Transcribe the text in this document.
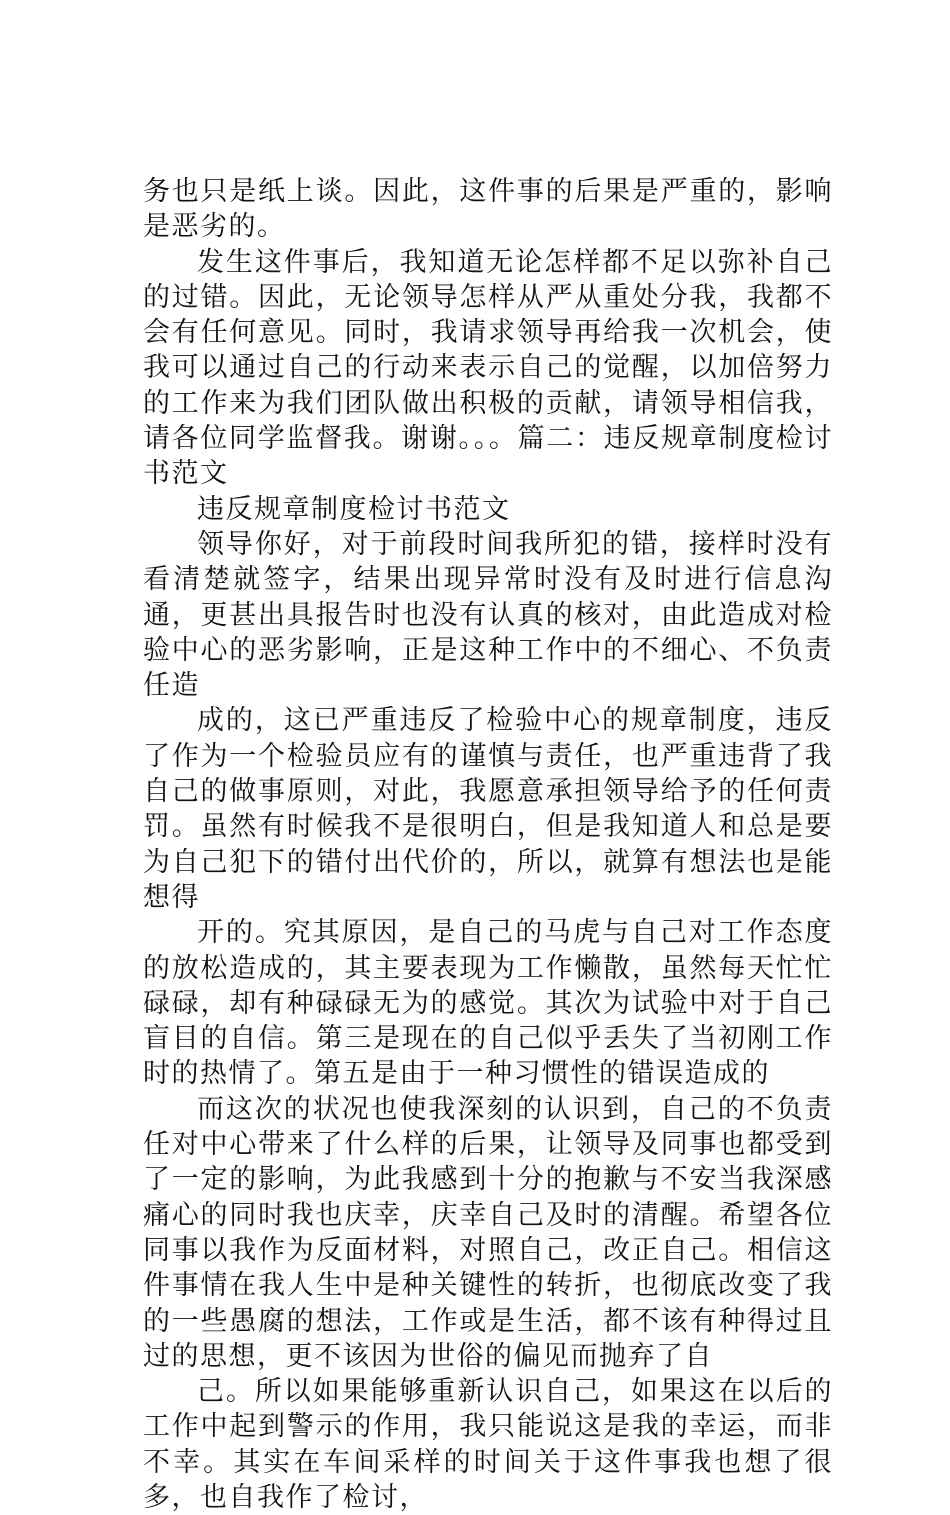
务也只是纸上谈。因此，这件事的后果是严重的，影响是恶劣的。

发生这件事后，我知道无论怎样都不足以弥补自己的过错。因此，无论领导怎样从严从重处分我，我都不会有任何意见。同时，我请求领导再给我一次机会，使我可以通过自己的行动来表示自己的觉醒，以加倍努力的工作来为我们团队做出积极的贡献，请领导相信我，请各位同学监督我。谢谢。。。篇二：违反规章制度检讨书范文

违反规章制度检讨书范文

领导你好，对于前段时间我所犯的错，接样时没有看清楚就签字，结果出现异常时没有及时进行信息沟通，更甚出具报告时也没有认真的核对，由此造成对检验中心的恶劣影响，正是这种工作中的不细心、不负责任造

成的，这已严重违反了检验中心的规章制度，违反了作为一个检验员应有的谨慎与责任，也严重违背了我自己的做事原则，对此，我愿意承担领导给予的任何责罚。虽然有时候我不是很明白，但是我知道人和总是要为自己犯下的错付出代价的，所以，就算有想法也是能想得

开的。究其原因，是自己的马虎与自己对工作态度的放松造成的，其主要表现为工作懒散，虽然每天忙忙碌碌，却有种碌碌无为的感觉。其次为试验中对于自己盲目的自信。第三是现在的自己似乎丢失了当初刚工作时的热情了。第五是由于一种习惯性的错误造成的

而这次的状况也使我深刻的认识到，自己的不负责任对中心带来了什么样的后果，让领导及同事也都受到了一定的影响，为此我感到十分的抱歉与不安当我深感痛心的同时我也庆幸，庆幸自己及时的清醒。希望各位同事以我作为反面材料，对照自己，改正自己。相信这件事情在我人生中是种关键性的转折，也彻底改变了我的一些愚腐的想法，工作或是生活，都不该有种得过且过的思想，更不该因为世俗的偏见而抛弃了自

己。所以如果能够重新认识自己，如果这在以后的工作中起到警示的作用，我只能说这是我的幸运，而非不幸。其实在车间采样的时间关于这件事我也想了很多，也自我作了检讨，
